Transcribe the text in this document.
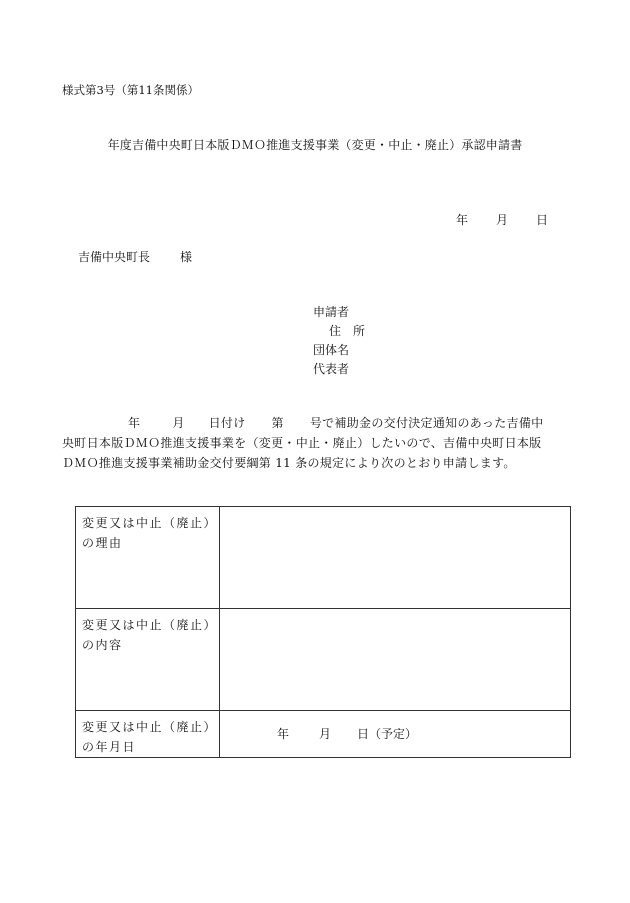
様式第3号（第11条関係）
年度吉備中央町日本版ＤＭＯ推進支援事業（変更・中止・廃止）承認申請書
年 月 日
吉備中央町長	様
申請者
住　所
団体名
代表者
年	月 日付け 第 号で補助金の交付決定通知のあった吉備中
央町日本版ＤＭＯ推進支援事業を（変更・中止・廃止）したいので、吉備中央町日本版
ＤＭＯ推進支援事業補助金交付要綱第 11 条の規定により次のとおり申請します。
変更又は中止（廃止）
の理由	

変更又は中止（廃止）
の内容	

変更又は中止（廃止）
の年月日	年 月 日（予定）
